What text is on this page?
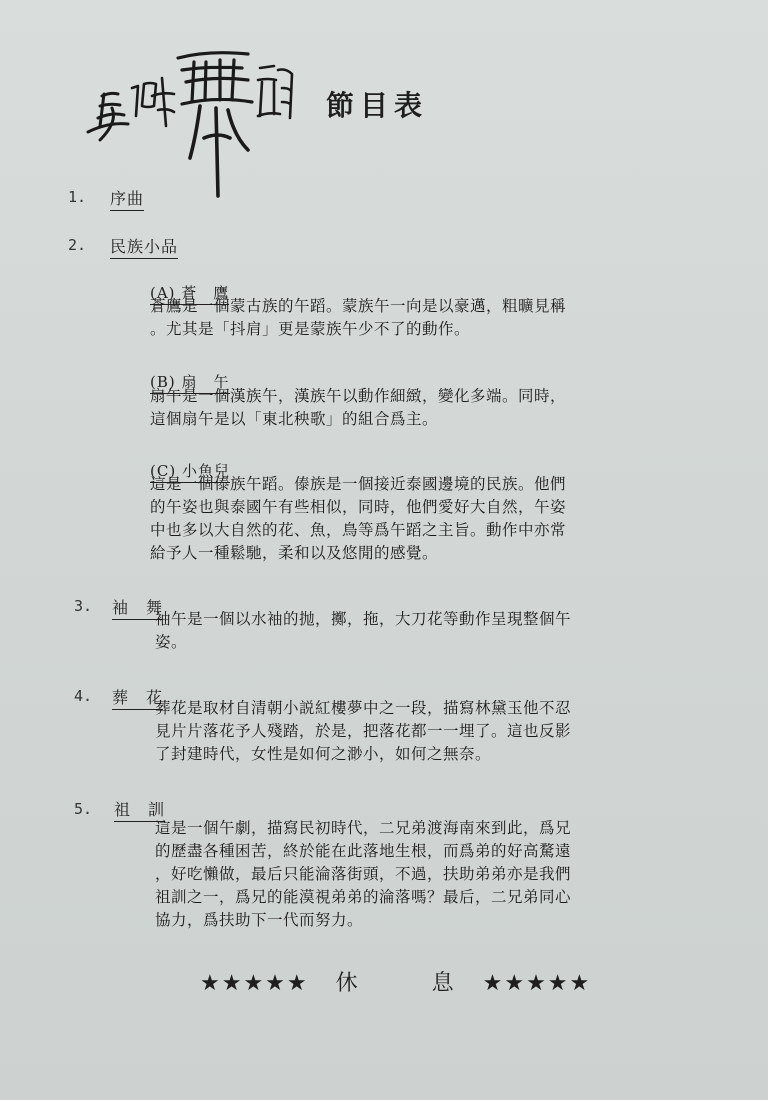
節目表
1. 序曲
2. 民族小品
(A) 蒼　鷹
蒼鷹是一個蒙古族的午蹈。蒙族午一向是以豪邁，粗曠見稱
。尤其是「抖肩」更是蒙族午少不了的動作。
(B) 扇　午
扇午是一個漢族午，漢族午以動作細緻，變化多端。同時，
這個扇午是以「東北秧歌」的組合爲主。
(C) 小魚兒
這是一個傣族午蹈。傣族是一個接近泰國邊境的民族。他們
的午姿也與泰國午有些相似，同時，他們愛好大自然，午姿
中也多以大自然的花、魚，鳥等爲午蹈之主旨。動作中亦常
給予人一種鬆馳，柔和以及悠閒的感覺。
3. 袖　舞
袖午是一個以水袖的抛，擲，拖，大刀花等動作呈現整個午
姿。
4. 葬　花
葬花是取材自清朝小説紅樓夢中之一段，描寫林黛玉他不忍
見片片落花予人殘踏，於是，把落花都一一埋了。這也反影
了封建時代，女性是如何之渺小，如何之無奈。
5. 祖　訓
這是一個午劇，描寫民初時代，二兄弟渡海南來到此，爲兄
的歷盡各種困苦，終於能在此落地生根，而爲弟的好高騖遠
，好吃懶做，最后只能淪落街頭，不過，扶助弟弟亦是我們
祖訓之一，爲兄的能漠視弟弟的淪落嗎？最后，二兄弟同心
協力，爲扶助下一代而努力。
★★★★★ 休　　　息 ★★★★★
